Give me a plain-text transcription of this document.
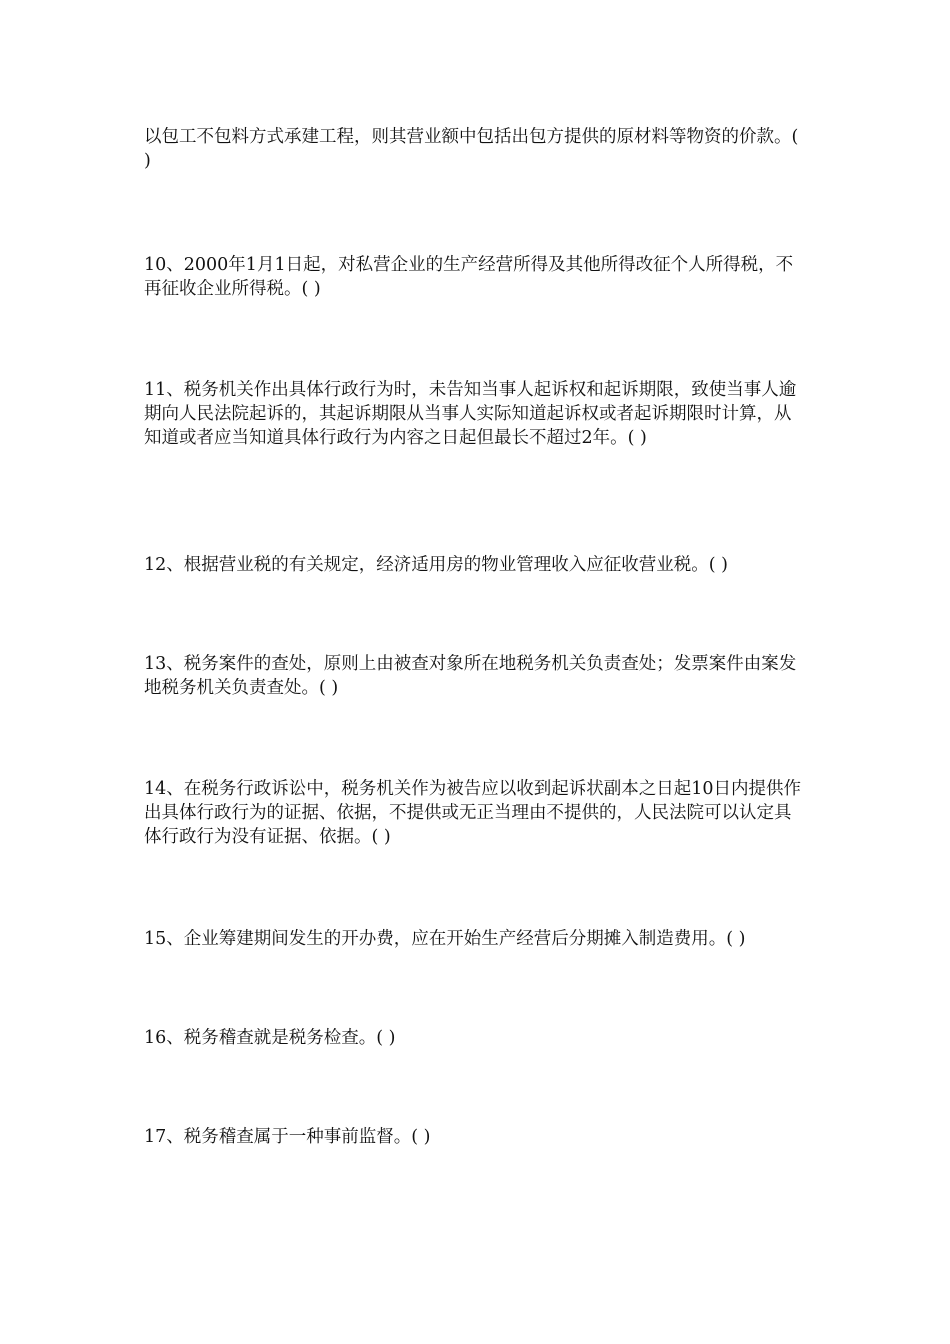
以包工不包料方式承建工程，则其营业额中包括出包方提供的原材料等物资的价款。( )

10、2000年1月1日起，对私营企业的生产经营所得及其他所得改征个人所得税，不再征收企业所得税。( )

11、税务机关作出具体行政行为时，未告知当事人起诉权和起诉期限，致使当事人逾期向人民法院起诉的，其起诉期限从当事人实际知道起诉权或者起诉期限时计算，从知道或者应当知道具体行政行为内容之日起但最长不超过2年。( )

12、根据营业税的有关规定，经济适用房的物业管理收入应征收营业税。( )

13、税务案件的查处，原则上由被查对象所在地税务机关负责查处；发票案件由案发地税务机关负责查处。( )

14、在税务行政诉讼中，税务机关作为被告应以收到起诉状副本之日起10日内提供作出具体行政行为的证据、依据，不提供或无正当理由不提供的，人民法院可以认定具体行政行为没有证据、依据。( )

15、企业筹建期间发生的开办费，应在开始生产经营后分期摊入制造费用。( )

16、税务稽查就是税务检查。( )

17、税务稽查属于一种事前监督。( )
